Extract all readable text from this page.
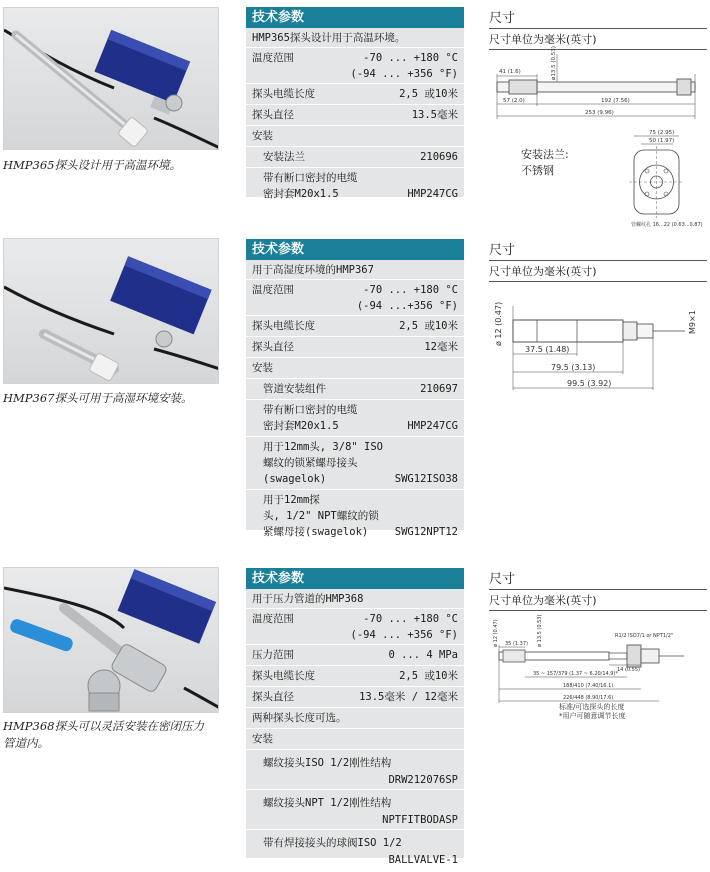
HMP365探头设计用于高温环境。
技术参数
HMP365探头设计用于高温环境。
温度范围	-70 ... +180 °C
(-94 ... +356 °F)
探头电缆长度	2,5 或10米
探头直径	13.5毫米
安装
安装法兰	210696
带有断口密封的电缆
密封套M20x1.5	HMP247CG
尺寸
尺寸单位为毫米(英寸)
41 (1.6)	ø13.5 (0.53)
57 (2.0)	192 (7.56)
253 (9.96)
75 (2.95)
50 (1.97)
安装法兰:
不锈钢
管螺纹孔 16...22 (0.63...0.87)
HMP367探头可用于高湿环境安装。
技术参数
用于高湿度环境的HMP367
温度范围	-70 ... +180 °C
(-94 ...+356 °F)
探头电缆长度	2,5 或10米
探头直径	12毫米
安装
管道安装组件	210697
带有断口密封的电缆
密封套M20x1.5	HMP247CG
用于12mm头, 3/8" ISO
螺纹的锁紧螺母接头
(swagelok)	SWG12ISO38
用于12mm探
头, 1/2" NPT螺纹的锁
紧螺母接(swagelok)	SWG12NPT12
尺寸
尺寸单位为毫米(英寸)
ø 12 (0.47)	M9×1
37.5 (1.48)
79.5 (3.13)
99.5 (3.92)
HMP368探头可以灵活安装在密闭压力
管道内。
技术参数
用于压力管道的HMP368
温度范围	-70 ... +180 °C
(-94 ... +356 °F)
压力范围	0 ... 4 MPa
探头电缆长度	2,5 或10米
探头直径	13.5毫米 / 12毫米
两种探头长度可选。
安装
螺纹接头ISO 1/2刚性结构
DRW212076SP
螺纹接头NPT 1/2刚性结构
NPTFITBODASP
带有焊接接头的球阀ISO 1/2
BALLVALVE-1
尺寸
尺寸单位为毫米(英寸)
ø 12 (0.47)	ø 13.5 (0.53)
35 (1.37)
R1/2 ISO7/1 or NPT1/2"
14 (0.55)
35 ~ 157/379 (1.37 ~ 6.20/14.9)*
188/410 (7.40/16.1)
226/448 (8.90/17.6)
标准/可选探头的长度
*用户可随意调节长度
